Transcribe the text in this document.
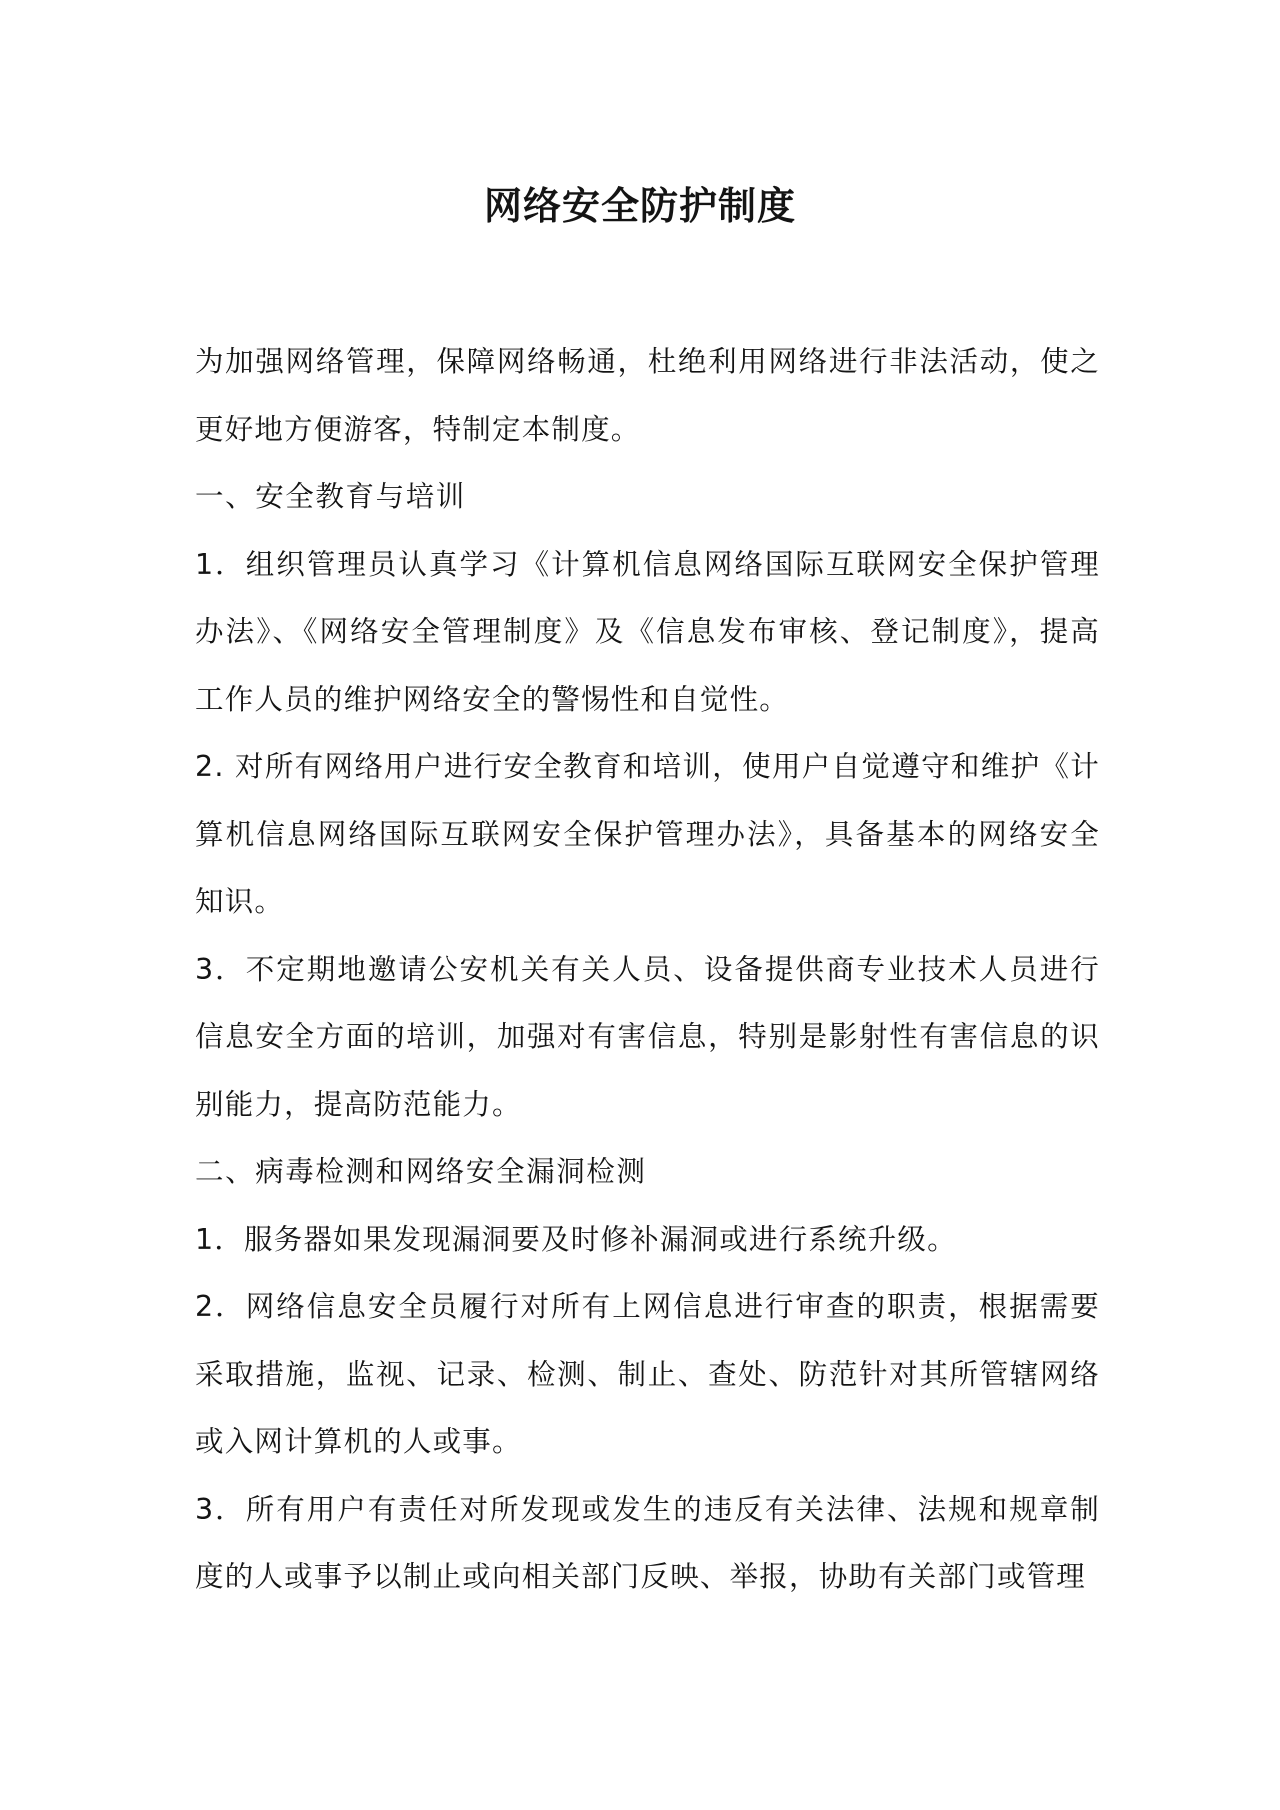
网络安全防护制度

为加强网络管理，保障网络畅通，杜绝利用网络进行非法活动，使之更好地方便游客，特制定本制度。

一、安全教育与培训

1．组织管理员认真学习《计算机信息网络国际互联网安全保护管理办法》、《网络安全管理制度》及《信息发布审核、登记制度》，提高工作人员的维护网络安全的警惕性和自觉性。

2. 对所有网络用户进行安全教育和培训，使用户自觉遵守和维护《计算机信息网络国际互联网安全保护管理办法》，具备基本的网络安全知识。

3．不定期地邀请公安机关有关人员、设备提供商专业技术人员进行信息安全方面的培训，加强对有害信息，特别是影射性有害信息的识别能力，提高防范能力。

二、病毒检测和网络安全漏洞检测

1．服务器如果发现漏洞要及时修补漏洞或进行系统升级。

2．网络信息安全员履行对所有上网信息进行审查的职责，根据需要采取措施，监视、记录、检测、制止、查处、防范针对其所管辖网络或入网计算机的人或事。

3．所有用户有责任对所发现或发生的违反有关法律、法规和规章制度的人或事予以制止或向相关部门反映、举报，协助有关部门或管理
